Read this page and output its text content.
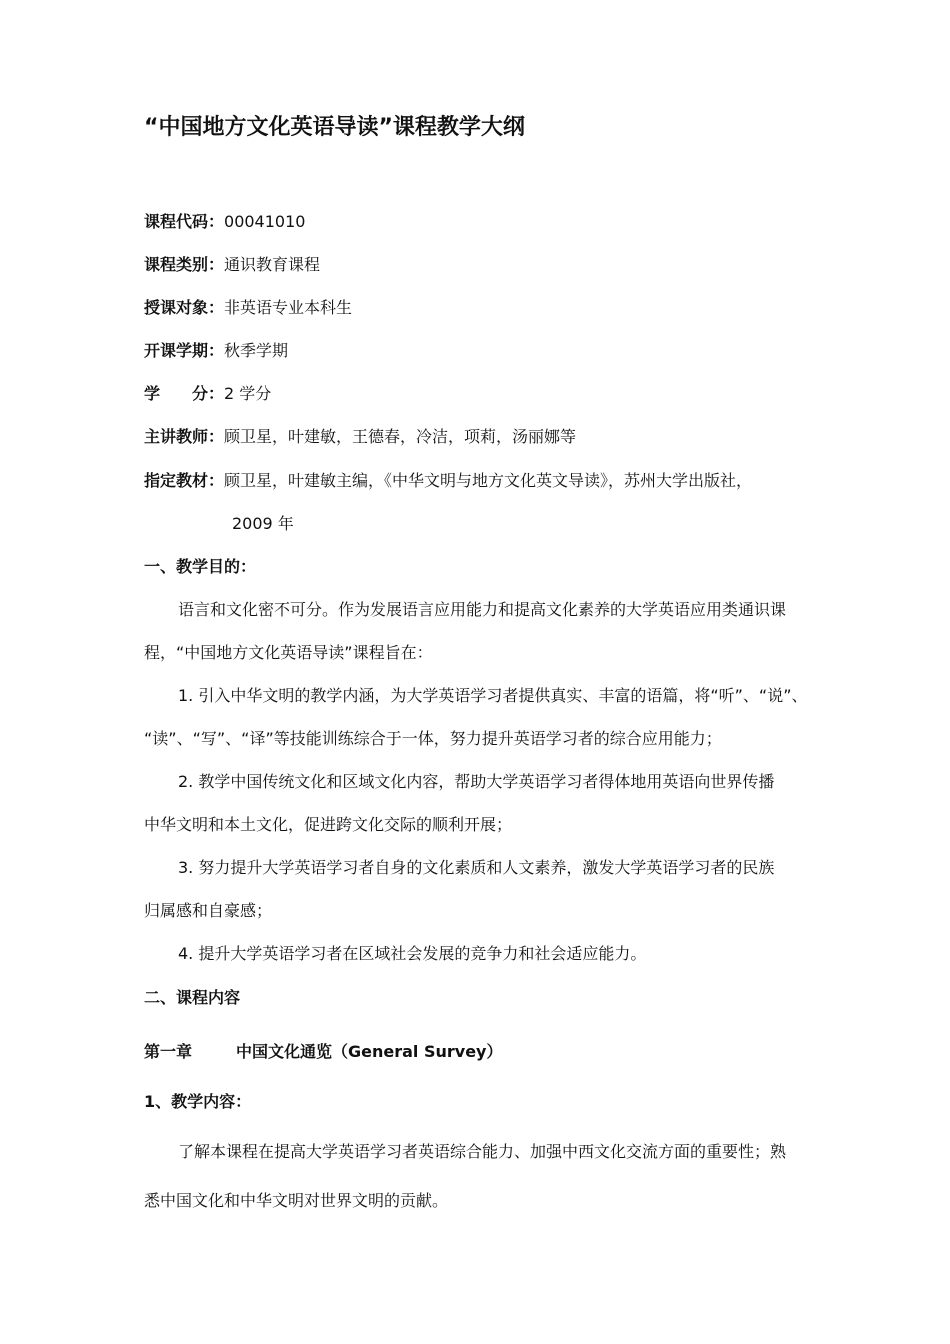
“中国地方文化英语导读”课程教学大纲
课程代码：00041010
课程类别：通识教育课程
授课对象：非英语专业本科生
开课学期：秋季学期
学　　分：2 学分
主讲教师：顾卫星，叶建敏，王德春，冷洁，项莉，汤丽娜等
指定教材：顾卫星，叶建敏主编，《中华文明与地方文化英文导读》，苏州大学出版社，
2009 年
一、教学目的：
语言和文化密不可分。作为发展语言应用能力和提高文化素养的大学英语应用类通识课
程，“中国地方文化英语导读”课程旨在：
1. 引入中华文明的教学内涵，为大学英语学习者提供真实、丰富的语篇，将“听”、“说”、
“读”、“写”、“译”等技能训练综合于一体，努力提升英语学习者的综合应用能力；
2. 教学中国传统文化和区域文化内容，帮助大学英语学习者得体地用英语向世界传播
中华文明和本土文化，促进跨文化交际的顺利开展；
3. 努力提升大学英语学习者自身的文化素质和人文素养，激发大学英语学习者的民族
归属感和自豪感；
4. 提升大学英语学习者在区域社会发展的竞争力和社会适应能力。
二、课程内容
第一章	中国文化通览（General Survey）
1、教学内容：
了解本课程在提高大学英语学习者英语综合能力、加强中西文化交流方面的重要性；熟
悉中国文化和中华文明对世界文明的贡献。
